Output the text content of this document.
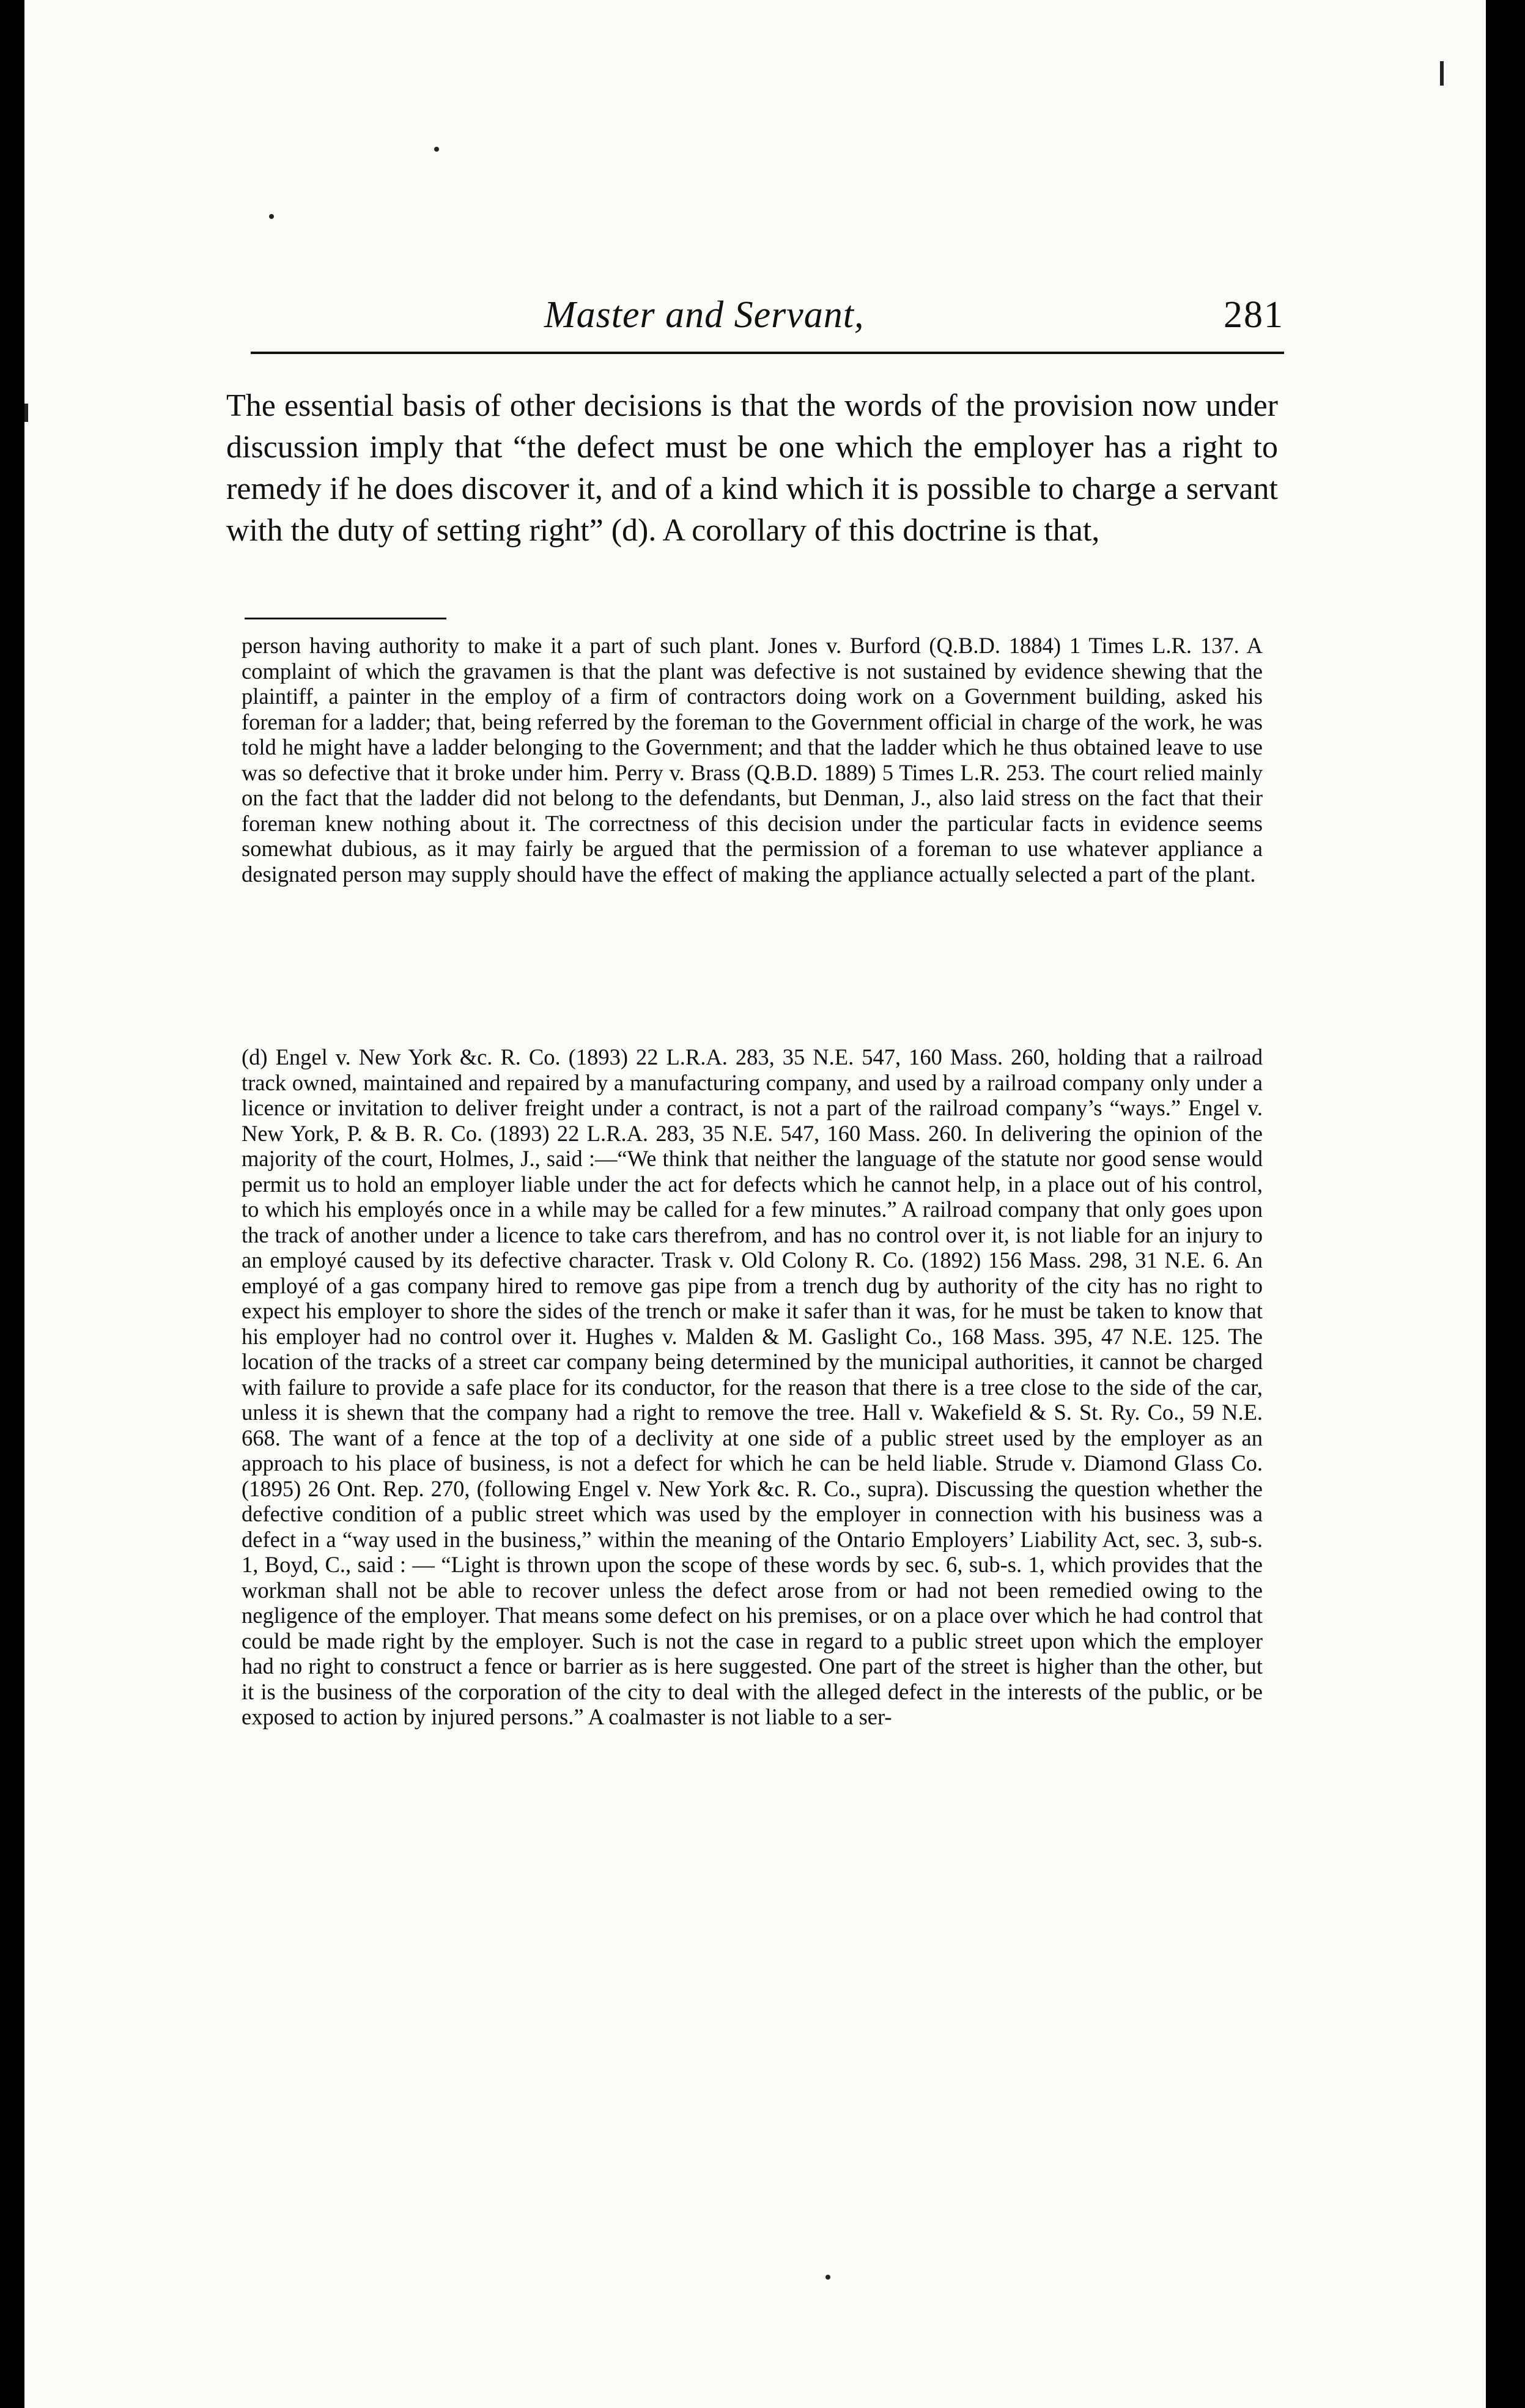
Master and Servant,	281
The essential basis of other decisions is that the words of the provision now under discussion imply that “the defect must be one which the employer has a right to remedy if he does discover it, and of a kind which it is possible to charge a servant with the duty of setting right” (d). A corollary of this doctrine is that,

person having authority to make it a part of such plant. Jones v. Burford (Q.B.D. 1884) 1 Times L.R. 137. A complaint of which the gravamen is that the plant was defective is not sustained by evidence shewing that the plaintiff, a painter in the employ of a firm of contractors doing work on a Government building, asked his foreman for a ladder; that, being referred by the foreman to the Government official in charge of the work, he was told he might have a ladder belonging to the Government; and that the ladder which he thus obtained leave to use was so defective that it broke under him. Perry v. Brass (Q.B.D. 1889) 5 Times L.R. 253. The court relied mainly on the fact that the ladder did not belong to the defendants, but Denman, J., also laid stress on the fact that their foreman knew nothing about it. The correctness of this decision under the particular facts in evidence seems somewhat dubious, as it may fairly be argued that the permission of a foreman to use whatever appliance a designated person may supply should have the effect of making the appliance actually selected a part of the plant.

(d) Engel v. New York &c. R. Co. (1893) 22 L.R.A. 283, 35 N.E. 547, 160 Mass. 260, holding that a railroad track owned, maintained and repaired by a manufacturing company, and used by a railroad company only under a licence or invitation to deliver freight under a contract, is not a part of the railroad company’s “ways.” Engel v. New York, P. & B. R. Co. (1893) 22 L.R.A. 283, 35 N.E. 547, 160 Mass. 260. In delivering the opinion of the majority of the court, Holmes, J., said :—“We think that neither the language of the statute nor good sense would permit us to hold an employer liable under the act for defects which he cannot help, in a place out of his control, to which his employés once in a while may be called for a few minutes.” A railroad company that only goes upon the track of another under a licence to take cars therefrom, and has no control over it, is not liable for an injury to an employé caused by its defective character. Trask v. Old Colony R. Co. (1892) 156 Mass. 298, 31 N.E. 6. An employé of a gas company hired to remove gas pipe from a trench dug by authority of the city has no right to expect his employer to shore the sides of the trench or make it safer than it was, for he must be taken to know that his employer had no control over it. Hughes v. Malden & M. Gaslight Co., 168 Mass. 395, 47 N.E. 125. The location of the tracks of a street car company being determined by the municipal authorities, it cannot be charged with failure to provide a safe place for its conductor, for the reason that there is a tree close to the side of the car, unless it is shewn that the company had a right to remove the tree. Hall v. Wakefield & S. St. Ry. Co., 59 N.E. 668. The want of a fence at the top of a declivity at one side of a public street used by the employer as an approach to his place of business, is not a defect for which he can be held liable. Strude v. Diamond Glass Co. (1895) 26 Ont. Rep. 270, (following Engel v. New York &c. R. Co., supra). Discussing the question whether the defective condition of a public street which was used by the employer in connection with his business was a defect in a “way used in the business,” within the meaning of the Ontario Employers’ Liability Act, sec. 3, sub-s. 1, Boyd, C., said : — “Light is thrown upon the scope of these words by sec. 6, sub-s. 1, which provides that the workman shall not be able to recover unless the defect arose from or had not been remedied owing to the negligence of the employer. That means some defect on his premises, or on a place over which he had control that could be made right by the employer. Such is not the case in regard to a public street upon which the employer had no right to construct a fence or barrier as is here suggested. One part of the street is higher than the other, but it is the business of the corporation of the city to deal with the alleged defect in the interests of the public, or be exposed to action by injured persons.” A coalmaster is not liable to a ser-
